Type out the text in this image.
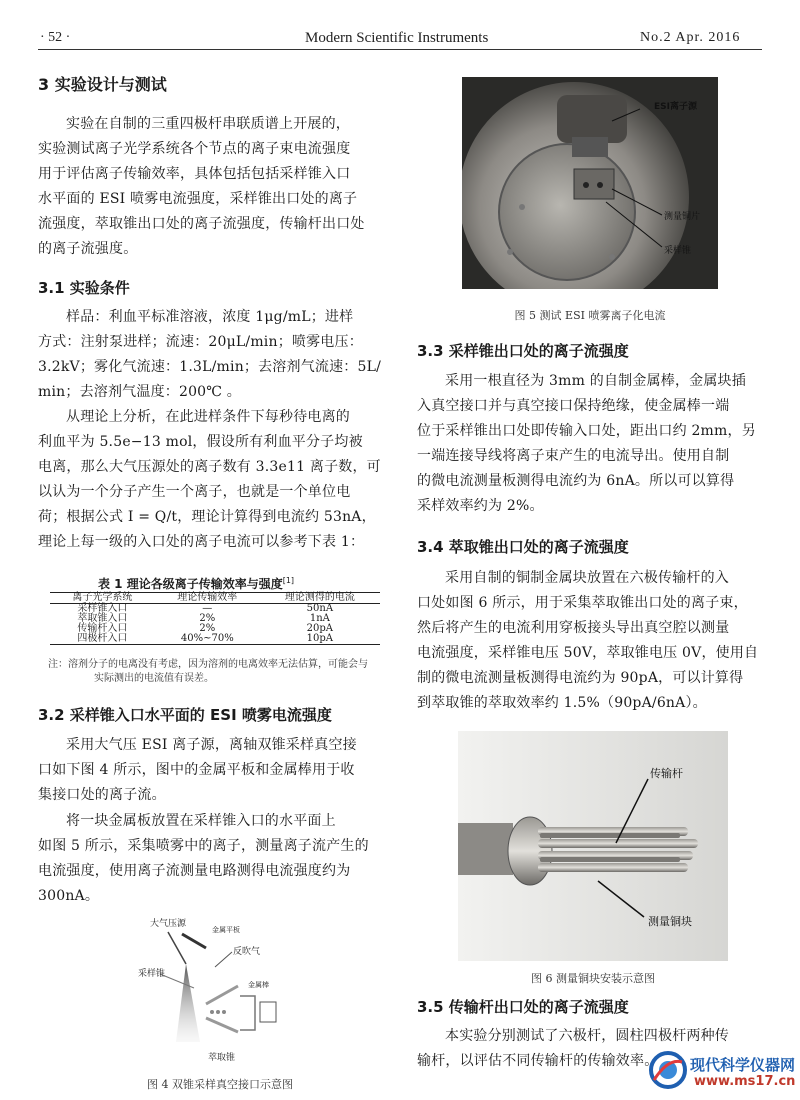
· 52 ·	Modern Scientific Instruments	No.2 Apr. 2016
3 实验设计与测试
实验在自制的三重四极杆串联质谱上开展的，
实验测试离子光学系统各个节点的离子束电流强度
用于评估离子传输效率，具体包括包括采样锥入口
水平面的 ESI 喷雾电流强度，采样锥出口处的离子
流强度，萃取锥出口处的离子流强度，传输杆出口处
的离子流强度。
3.1 实验条件
样品：利血平标准溶液，浓度 1μg/mL；进样
方式：注射泵进样；流速：20μL/min；喷雾电压：
3.2kV；雾化气流速：1.3L/min；去溶剂气流速：5L/
min；去溶剂气温度：200℃ 。
从理论上分析，在此进样条件下每秒待电离的
利血平为 5.5e−13 mol，假设所有利血平分子均被
电离，那么大气压源处的离子数有 3.3e11 离子数，可
以认为一个分子产生一个离子，也就是一个单位电
荷；根据公式 I = Q/t，理论计算得到电流约 53nA，
理论上每一级的入口处的离子电流可以参考下表 1：
表 1 理论各级离子传输效率与强度[1]
离子光学系统	理论传输效率	理论测得的电流
采样锥入口	—	50nA
萃取锥入口	2%	1nA
传输杆入口	2%	20pA
四极杆入口	40%~70%	10pA
注：溶剂分子的电离没有考虑，因为溶剂的电离效率无法估算，可能会与
实际测出的电流值有误差。
3.2 采样锥入口水平面的 ESI 喷雾电流强度
采用大气压 ESI 离子源，离轴双锥采样真空接
口如下图 4 所示，图中的金属平板和金属棒用于收
集接口处的离子流。
将一块金属板放置在采样锥入口的水平面上
如图 5 所示，采集喷雾中的离子，测量离子流产生的
电流强度，使用离子流测量电路测得电流强度约为
300nA。
大气压源
金属平板
反吹气
采样锥
金属棒
萃取锥
图 4 双锥采样真空接口示意图
ESI离子源
测量铜片
采样锥
图 5 测试 ESI 喷雾离子化电流
3.3 采样锥出口处的离子流强度
采用一根直径为 3mm 的自制金属棒，金属块插
入真空接口并与真空接口保持绝缘，使金属棒一端
位于采样锥出口处即传输入口处，距出口约 2mm，另
一端连接导线将离子束产生的电流导出。使用自制
的微电流测量板测得电流约为 6nA。所以可以算得
采样效率约为 2%。
3.4 萃取锥出口处的离子流强度
采用自制的铜制金属块放置在六极传输杆的入
口处如图 6 所示，用于采集萃取锥出口处的离子束，
然后将产生的电流利用穿板接头导出真空腔以测量
电流强度，采样锥电压 50V，萃取锥电压 0V，使用自
制的微电流测量板测得电流约为 90pA，可以计算得
到萃取锥的萃取效率约 1.5%（90pA/6nA）。
传输杆
测量铜块
图 6 测量铜块安装示意图
3.5 传输杆出口处的离子流强度
本实验分别测试了六极杆，圆柱四极杆两种传
输杆，以评估不同传输杆的传输效率。	现代科学仪器网
www.ms17.cn
